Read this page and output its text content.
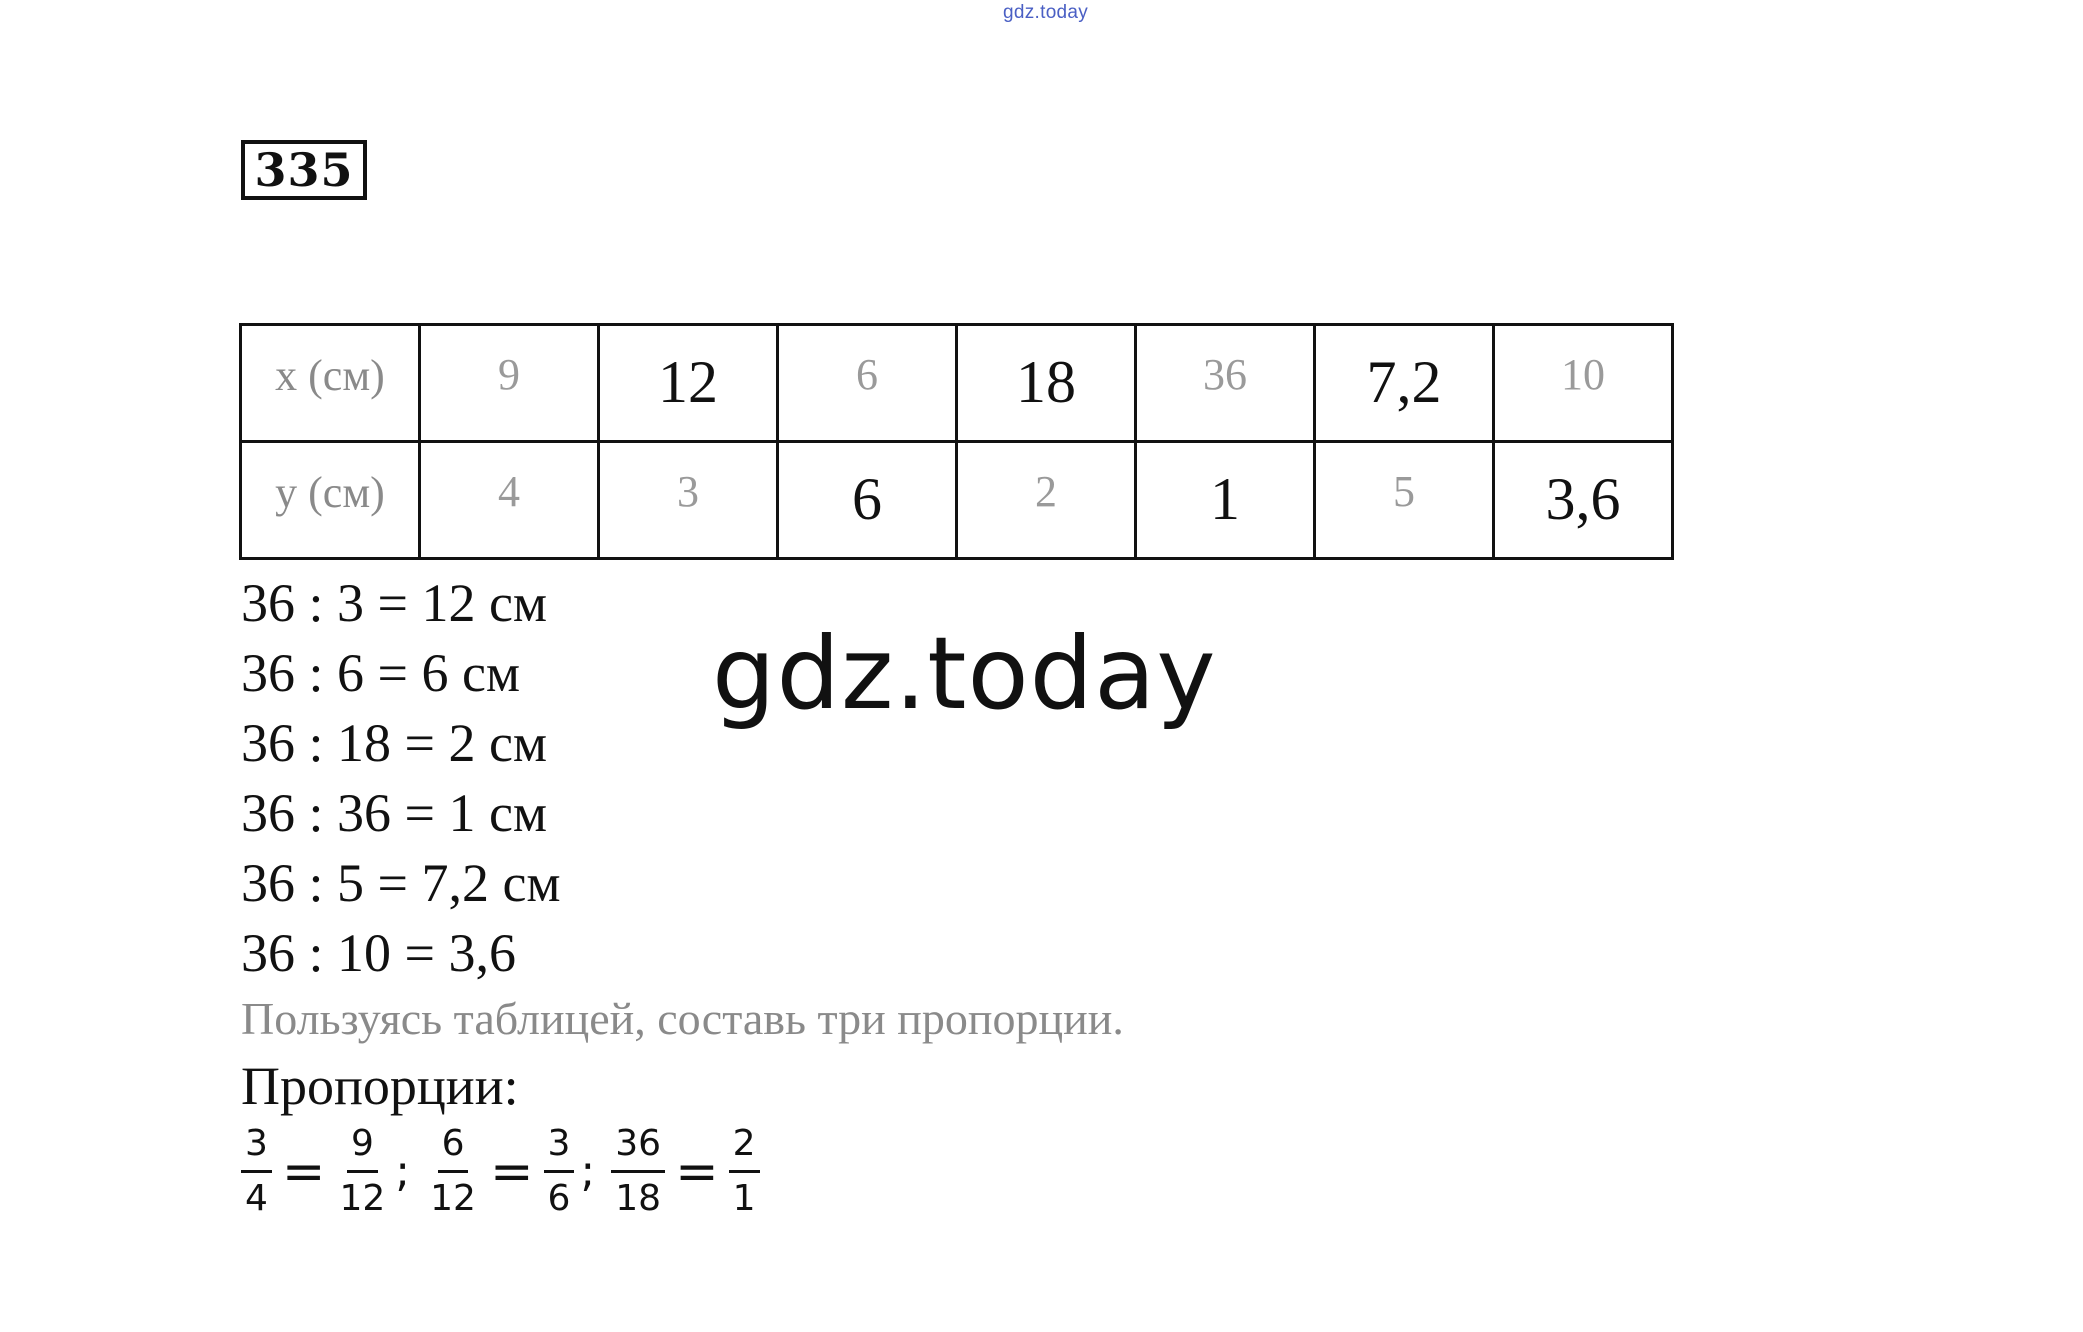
gdz.today
335
x (см)	9	12	6	18	36	7,2	10
y (см)	4	3	6	2	1	5	3,6
36 : 3 = 12 см
36 : 6 = 6 см
36 : 18 = 2 см
36 : 36 = 1 см
36 : 5 = 7,2 см
36 : 10 = 3,6
gdz.today
Пользуясь таблицей, составь три пропорции.
Пропорции:
$\frac{3}{4} = \frac{9}{12}$ ; $\frac{6}{12} = \frac{3}{6}$ ; $\frac{36}{18} = \frac{2}{1}$
